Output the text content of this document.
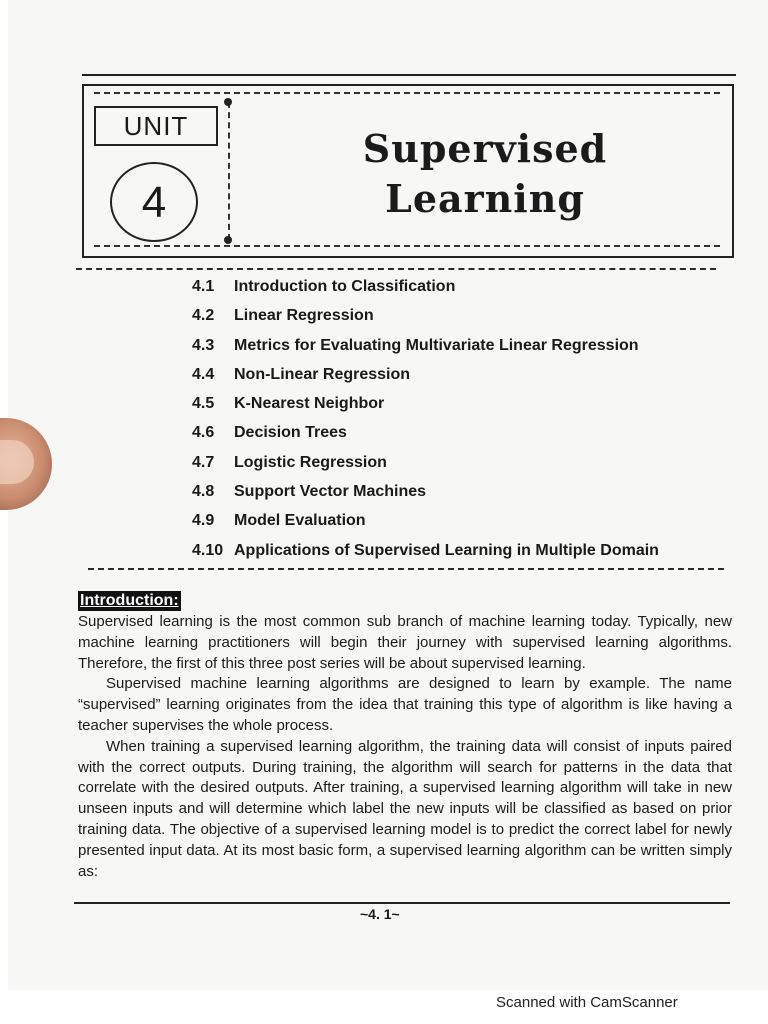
UNIT
4
Supervised
Learning
4.1	Introduction to Classification
4.2	Linear Regression
4.3	Metrics for Evaluating Multivariate Linear Regression
4.4	Non-Linear Regression
4.5	K-Nearest Neighbor
4.6	Decision Trees
4.7	Logistic Regression
4.8	Support Vector Machines
4.9	Model Evaluation
4.10 Applications of Supervised Learning in Multiple Domain
Introduction:

Supervised learning is the most common sub branch of machine learning today. Typically, new machine learning practitioners will begin their journey with supervised learning algorithms. Therefore, the first of this three post series will be about supervised learning.

Supervised machine learning algorithms are designed to learn by example. The name “supervised” learning originates from the idea that training this type of algorithm is like having a teacher supervises the whole process.

When training a supervised learning algorithm, the training data will consist of inputs paired with the correct outputs. During training, the algorithm will search for patterns in the data that correlate with the desired outputs. After training, a supervised learning algorithm will take in new unseen inputs and will determine which label the new inputs will be classified as based on prior training data. The objective of a supervised learning model is to predict the correct label for newly presented input data. At its most basic form, a supervised learning algorithm can be written simply as:

~4. 1~
Scanned with CamScanner
